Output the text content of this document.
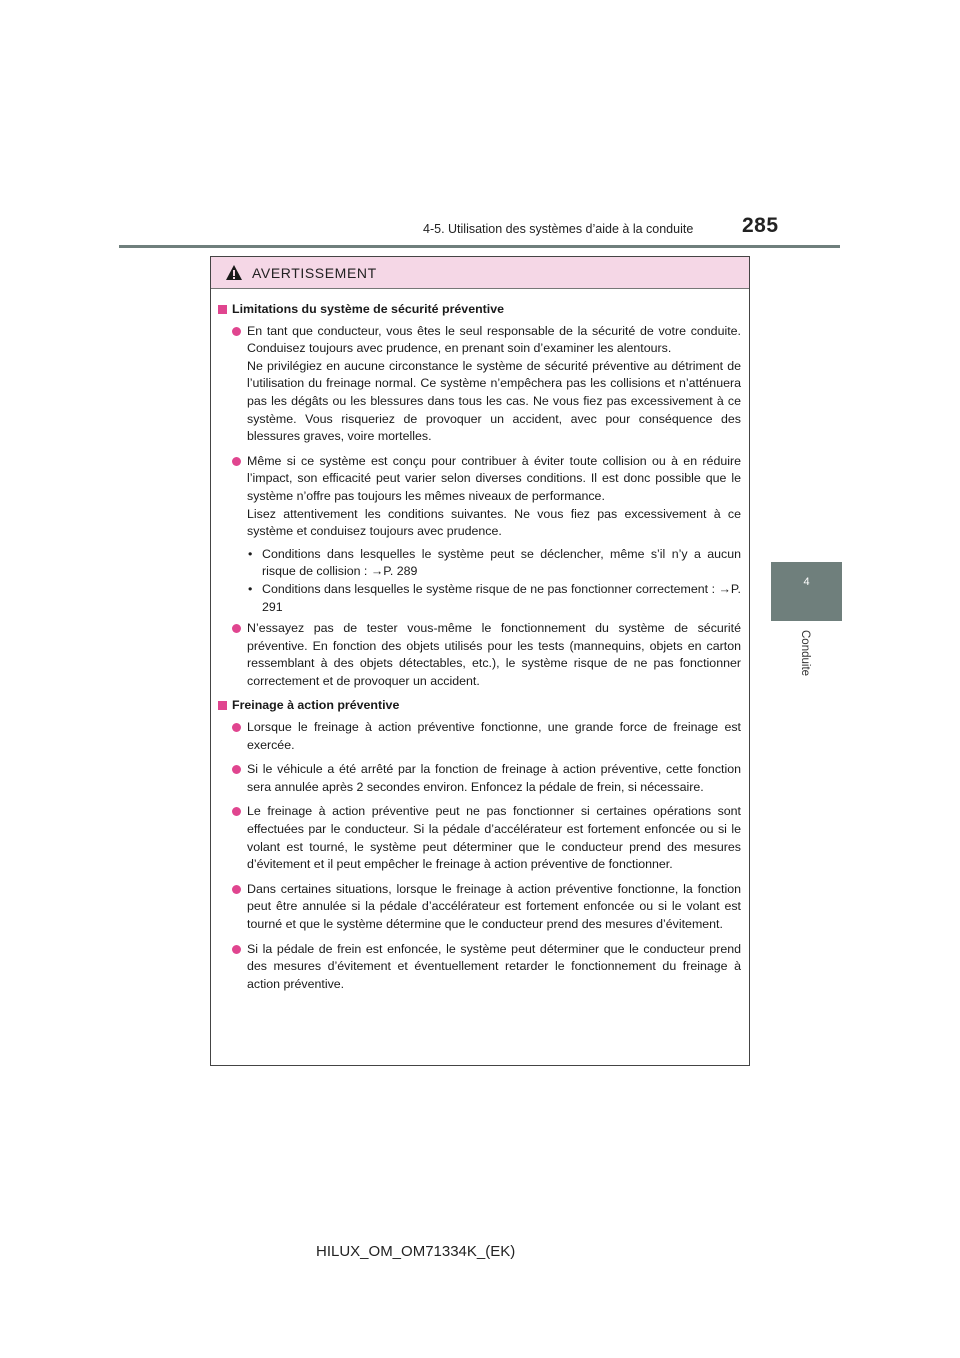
4-5. Utilisation des systèmes d’aide à la conduite 285
4
Conduite
AVERTISSEMENT
Limitations du système de sécurité préventive
En tant que conducteur, vous êtes le seul responsable de la sécurité de votre conduite. Conduisez toujours avec prudence, en prenant soin d’examiner les alentours.
Ne privilégiez en aucune circonstance le système de sécurité préventive au détriment de l’utilisation du freinage normal. Ce système n’empêchera pas les collisions et n’atténuera pas les dégâts ou les blessures dans tous les cas. Ne vous fiez pas excessivement à ce système. Vous risqueriez de provoquer un accident, avec pour conséquence des blessures graves, voire mortelles.
Même si ce système est conçu pour contribuer à éviter toute collision ou à en réduire l’impact, son efficacité peut varier selon diverses conditions. Il est donc possible que le système n’offre pas toujours les mêmes niveaux de performance.
Lisez attentivement les conditions suivantes. Ne vous fiez pas excessivement à ce système et conduisez toujours avec prudence.
• Conditions dans lesquelles le système peut se déclencher, même s’il n’y a aucun risque de collision : →P. 289
• Conditions dans lesquelles le système risque de ne pas fonctionner correctement : →P. 291
N’essayez pas de tester vous-même le fonctionnement du système de sécurité préventive. En fonction des objets utilisés pour les tests (mannequins, objets en carton ressemblant à des objets détectables, etc.), le système risque de ne pas fonctionner correctement et de provoquer un accident.
Freinage à action préventive
Lorsque le freinage à action préventive fonctionne, une grande force de freinage est exercée.
Si le véhicule a été arrêté par la fonction de freinage à action préventive, cette fonction sera annulée après 2 secondes environ. Enfoncez la pédale de frein, si nécessaire.
Le freinage à action préventive peut ne pas fonctionner si certaines opérations sont effectuées par le conducteur. Si la pédale d’accélérateur est fortement enfoncée ou si le volant est tourné, le système peut déterminer que le conducteur prend des mesures d’évitement et il peut empêcher le freinage à action préventive de fonctionner.
Dans certaines situations, lorsque le freinage à action préventive fonctionne, la fonction peut être annulée si la pédale d’accélérateur est fortement enfoncée ou si le volant est tourné et que le système détermine que le conducteur prend des mesures d’évitement.
Si la pédale de frein est enfoncée, le système peut déterminer que le conducteur prend des mesures d’évitement et éventuellement retarder le fonctionnement du freinage à action préventive.
HILUX_OM_OM71334K_(EK)
